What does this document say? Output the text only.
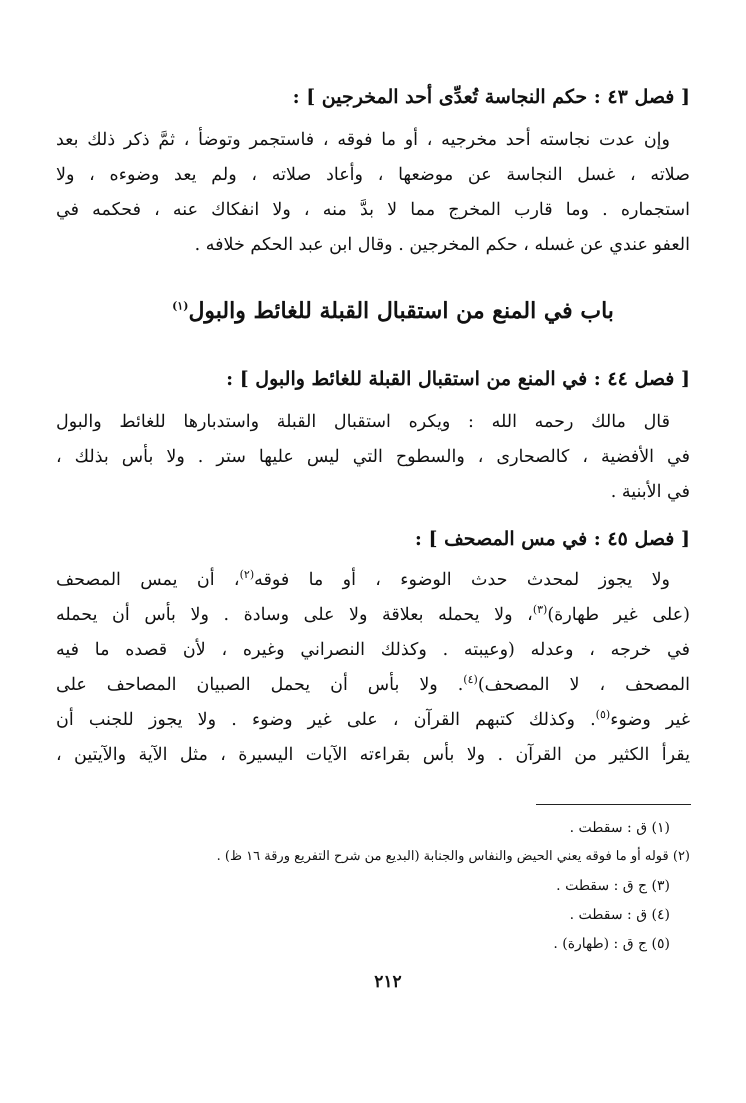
[ فصل ٤٣ : حكم النجاسة تُعدِّى أحد المخرجين ] :
وإن عدت نجاسته أحد مخرجيه ، أو ما فوقه ، فاستجمر وتوضأ ، ثمَّ ذكر ذلك بعد
صلاته ، غسل النجاسة عن موضعها ، وأعاد صلاته ، ولم يعد وضوءه ، ولا
استجماره . وما قارب المخرج مما لا بدَّ منه ، ولا انفكاك عنه ، فحكمه في
العفو عندي عن غسله ، حكم المخرجين . وقال ابن عبد الحكم خلافه .
باب في المنع من استقبال القبلة للغائط والبول$^{(١)}$
[ فصل ٤٤ : في المنع من استقبال القبلة للغائط والبول ] :
قال مالك رحمه الله : ويكره استقبال القبلة واستدبارها للغائط والبول
في الأفضية ، كالصحارى ، والسطوح التي ليس عليها ستر . ولا بأس بذلك ،
في الأبنية .
[ فصل ٤٥ : في مس المصحف ] :
ولا يجوز لمحدث حدث الوضوء ، أو ما فوقه$^{(٢)}$، أن يمس المصحف
(على غير طهارة)$^{(٣)}$، ولا يحمله بعلاقة ولا على وسادة . ولا بأس أن يحمله
في خرجه ، وعدله (وعيبته . وكذلك النصراني وغيره ، لأن قصده ما فيه
المصحف ، لا المصحف)$^{(٤)}$. ولا بأس أن يحمل الصبيان المصاحف على
غير وضوء$^{(٥)}$. وكذلك كتبهم القرآن ، على غير وضوء . ولا يجوز للجنب أن
يقرأ الكثير من القرآن . ولا بأس بقراءته الآيات اليسيرة ، مثل الآية والآيتين ،
(١) ق : سقطت .
(٢) قوله أو ما فوقه يعني الحيض والنفاس والجنابة (البديع من شرح التفريع ورقة ١٦ ظ) .
(٣) ج ق : سقطت .
(٤) ق : سقطت .
(٥) ج ق : (طهارة) .
٢١٢
